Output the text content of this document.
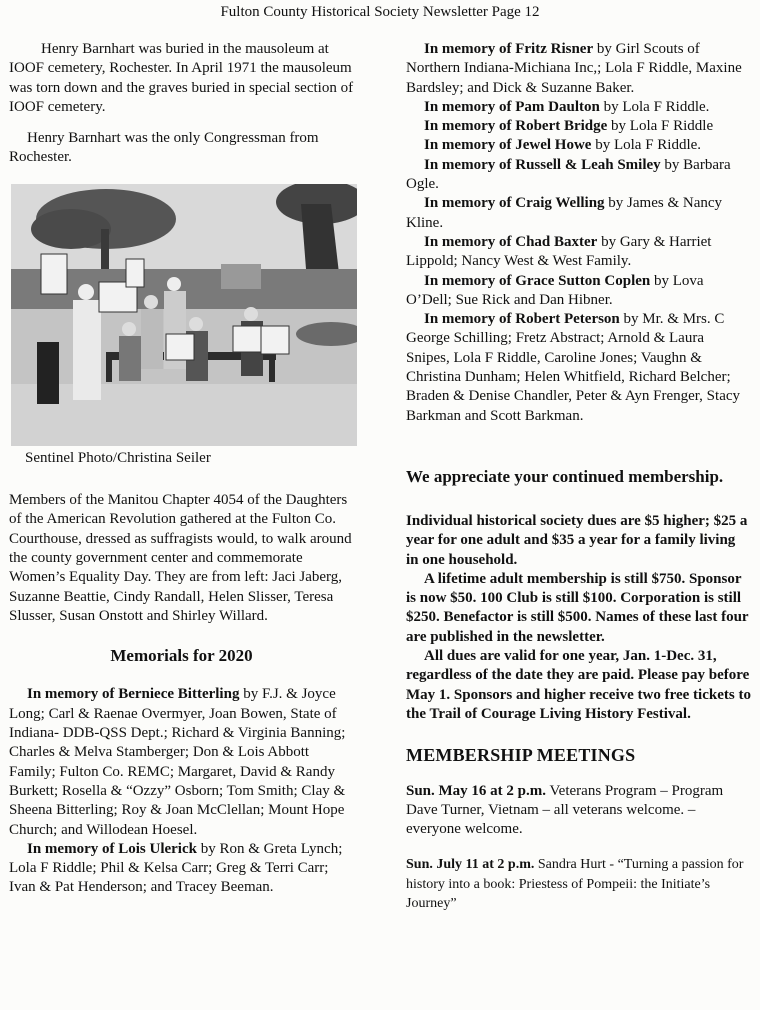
Fulton County Historical Society Newsletter Page 12

Henry Barnhart was buried in the mausoleum at IOOF cemetery, Rochester. In April 1971 the mausoleum was torn down and the graves buried in special section of IOOF cemetery.

Henry Barnhart was the only Congressman from Rochester.

Sentinel Photo/Christina Seiler

Members of the Manitou Chapter 4054 of the Daughters of the American Revolution gathered at the Fulton Co. Courthouse, dressed as suffragists would, to walk around the county government center and commemorate Women’s Equality Day. They are from left: Jaci Jaberg, Suzanne Beattie, Cindy Randall, Helen Slisser, Teresa Slusser, Susan Onstott and Shirley Willard.

Memorials for 2020

In memory of Berniece Bitterling by F.J. & Joyce Long; Carl & Raenae Overmyer, Joan Bowen, State of Indiana- DDB-QSS Dept.; Richard & Virginia Banning; Charles & Melva Stamberger; Don & Lois Abbott Family; Fulton Co. REMC; Margaret, David & Randy Burkett; Rosella & “Ozzy” Osborn; Tom Smith; Clay & Sheena Bitterling; Roy & Joan McClellan; Mount Hope Church; and Willodean Hoesel.

In memory of Lois Ulerick by Ron & Greta Lynch; Lola F Riddle; Phil & Kelsa Carr; Greg & Terri Carr; Ivan & Pat Henderson; and Tracey Beeman.

In memory of Fritz Risner by Girl Scouts of Northern Indiana-Michiana Inc,; Lola F Riddle, Maxine Bardsley; and Dick & Suzanne Baker.

In memory of Pam Daulton by Lola F Riddle.

In memory of Robert Bridge by Lola F Riddle

In memory of Jewel Howe by Lola F Riddle.

In memory of Russell & Leah Smiley by Barbara Ogle.

In memory of Craig Welling by James & Nancy Kline.

In memory of Chad Baxter by Gary & Harriet Lippold; Nancy West & West Family.

In memory of Grace Sutton Coplen by Lova O’Dell; Sue Rick and Dan Hibner.

In memory of Robert Peterson by Mr. & Mrs. C George Schilling; Fretz Abstract; Arnold & Laura Snipes, Lola F Riddle, Caroline Jones; Vaughn & Christina Dunham; Helen Whitfield, Richard Belcher; Braden & Denise Chandler, Peter & Ayn Frenger, Stacy Barkman and Scott Barkman.

We appreciate your continued membership.

Individual historical society dues are $5 higher; $25 a year for one adult and $35 a year for a family living in one household.

A lifetime adult membership is still $750. Sponsor is now $50. 100 Club is still $100. Corporation is still $250. Benefactor is still $500. Names of these last four are published in the newsletter.

All dues are valid for one year, Jan. 1-Dec. 31, regardless of the date they are paid. Please pay before May 1. Sponsors and higher receive two free tickets to the Trail of Courage Living History Festival.

MEMBERSHIP MEETINGS

Sun. May 16 at 2 p.m. Veterans Program – Program Dave Turner, Vietnam – all veterans welcome. – everyone welcome.

Sun. July 11 at 2 p.m. Sandra Hurt - “Turning a passion for history into a book: Priestess of Pompeii: the Initiate’s Journey”
